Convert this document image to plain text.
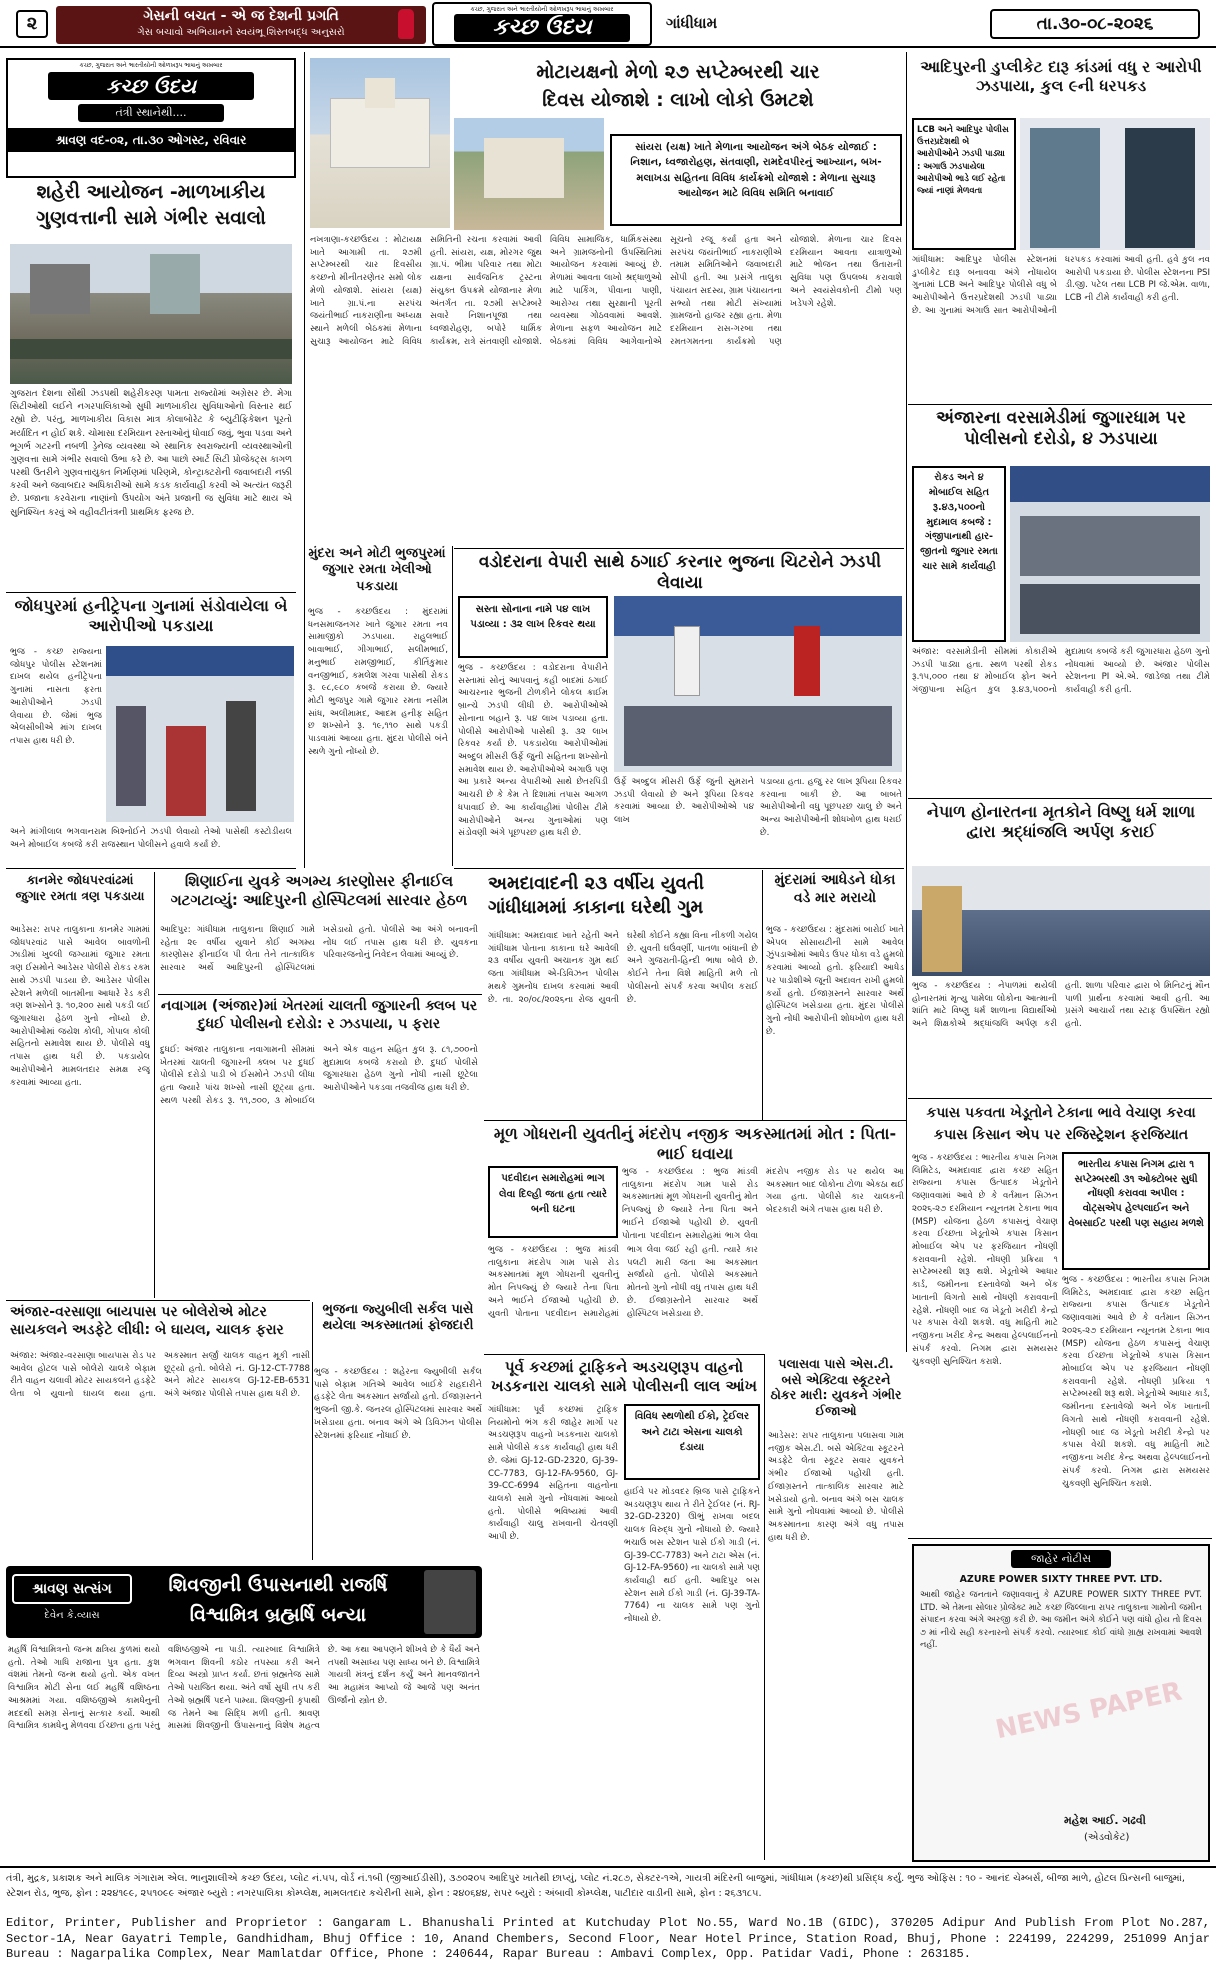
૨	ગેસની બચત - એ જ દેશની પ્રગતિ
ગેસ બચાવો અભિયાનને સ્વયંભૂ શિસ્તબદ્ધ અનુસરો
કચ્છ, ગુજરાત અને ભારતીયોની ઓળખરૂપ ભાષાનું અખબાર
કચ્છ ઉદય	ગાંધીધામ	તા.૩૦-૦૮-૨૦૨૬
કચ્છ, ગુજરાત અને ભારતીયોની ઓળખરૂપ ભાષાનું અખબાર
કચ્છ ઉદય
તંત્રી સ્થાનેથી....
શ્રાવણ વદ-૦૨, તા.૩૦ ઓગસ્ટ, રવિવાર
શહેરી આયોજન -માળખાકીય ગુણવત્તાની સામે ગંભીર સવાલો
ગુજરાત દેશના સૌથી ઝડપથી શહેરીકરણ પામતા રાજ્યોમાં અગ્રેસર છે. મેગા સિટીઓથી લઈને નગરપાલિકાઓ સુધી માળખાકીય સુવિધાઓનો વિસ્તાર થઈ રહ્યો છે. પરંતુ, માળખાકીય વિકાસ માત્ર કોલાબોરેટ કે બ્યુટીફિકેશન પૂરતો મર્યાદિત ન હોઈ શકે. ચોમાસા દરમિયાન રસ્તાઓનું ધોવાઈ જવું, ભુવા પડવા અને ભૂગર્ભ ગટરની નબળી ડ્રેનેજ વ્યવસ્થા એ સ્થાનિક સ્વરાજ્યની વ્યવસ્થાઓની ગુણવત્તા સામે ગંભીર સવાલો ઉભા કરે છે. આ પાછો સ્માર્ટ સિટી પ્રોજેક્ટ્સ કાગળ પરથી ઉતરીને ગુણવત્તાયુક્ત નિર્માણમાં પરિણમે, કોન્ટ્રાક્ટરોની જવાબદારી નક્કી કરવી અને જવાબદાર અધિકારીઓ સામે કડક કાર્યવાહી કરવી એ અત્યંત જરૂરી છે. પ્રજાના કરવેરાના નાણાંનો ઉપયોગ અંતે પ્રજાની જ સુવિધા માટે થાય એ સુનિશ્ચિત કરવું એ વહીવટીતંત્રની પ્રાથમિક ફરજ છે.
જોધપુરમાં હનીટ્રેપના ગુનામાં સંડોવાયેલા બે આરોપીઓ પકડાયા
ભુજ - કચ્છ રાજ્યના જોધપુર પોલીસ સ્ટેશનમાં દાખલ થયેલ હનીટ્રેપના ગુનામાં નાસતા ફરતા આરોપીઓને ઝડપી લેવાયા છે. જેમાં ભુજ એલસીબીએ માંગ દાખલ તપાસ હાથ ધરી છે.
અને માંગીલાલ ભગવાનરામ બિશ્નોઈને ઝડપી લેવાયો તેઓ પાસેથી કસ્ટોડીયલ અને મોબાઈલ કબજે કરી રાજસ્થાન પોલીસને હવાલે કર્યા છે.
કાનમેર જોધપરવાંઢમાં જુગાર રમતા ત્રણ પકડાયા
આડેસર: રાપર તાલુકાના કાનમેર ગામમાં જોધપરવાંઢ પાસે આવેલ બાવળોની ઝાડીમાં ખુલ્લી જગ્યામાં જુગાર રમતા ત્રણ ઈસમોને આડેસર પોલીસે રોકડ રકમ સાથે ઝડપી પાડયા છે. આડેસર પોલીસ સ્ટેશને મળેલી બાતમીના આધારે રેડ કરી ત્રણ શખ્સોને રૂ. ૧૦,૨૦૦ સાથે પકડી લઈ જુગારધારા હેઠળ ગુનો નોંધ્યો છે. આરોપીઓમાં જયેશ કોલી, ગોપાલ કોલી સહિતનો સમાવેશ થાય છે. પોલીસે વધુ તપાસ હાથ ધરી છે. પકડાયેલ આરોપીઓને મામલતદાર સમક્ષ રજૂ કરવામાં આવ્યા હતા.
શિણાઈના યુવકે અગમ્ય કારણોસર ફીનાઈલ ગટગટાવ્યું: આદિપુરની હોસ્પિટલમાં સારવાર હેઠળ
આદિપુર: ગાંધીધામ તાલુકાના શિણાઈ ગામે રહેતા ૨૯ વર્ષીય યુવાને કોઈ અગમ્ય કારણોસર ફીનાઈલ પી લેતા તેને તાત્કાલિક સારવાર અર્થે આદિપુરની હોસ્પિટલમાં ખસેડાયો હતો. પોલીસે આ અંગે બનાવની નોંધ લઈ તપાસ હાથ ધરી છે. યુવકના પરિવારજનોનું નિવેદન લેવામાં આવ્યું છે.
નવાગામ (અંજાર)માં ખેતરમાં ચાલતી જુગારની ક્લબ પર દુધઈ પોલીસનો દરોડો: ર ઝડપાયા, ૫ ફરાર
દુધઈ: અંજાર તાલુકાના નવાગામની સીમમાં ખેતરમાં ચાલતી જુગારની ક્લબ પર દુધઈ પોલીસે દરોડો પાડી બે ઈસમોને ઝડપી લીધા હતા જ્યારે પાંચ શખ્સો નાસી છૂટ્યા હતા. સ્થળ પરથી રોકડ રૂ. ૧૧,૭૦૦, ૩ મોબાઈલ અને એક વાહન સહિત કુલ રૂ. ૮૧,૭૦૦નો મુદામાલ કબજે કરાયો છે. દુધઈ પોલીસે જુગારધારા હેઠળ ગુનો નોંધી નાસી છૂટેલા આરોપીઓને પકડવા તજવીજ હાથ ધરી છે.
ભુજના જ્યુબીલી સર્કલ પાસે થયેલા અકસ્માતમાં ફોજદારી
ભુજ - કચ્છઉદય : શહેરના જ્યુબીલી સર્કલ પાસે બેફામ ગતિએ આવેલ બાઈકે રાહદારીને હડફેટે લેતા અકસ્માત સર્જાયો હતો. ઈજાગ્રસ્તને ભુજની જી.કે. જનરલ હોસ્પિટલમાં સારવાર અર્થે ખસેડાયા હતા. બનાવ અંગે એ ડિવિઝન પોલીસ સ્ટેશનમાં ફરિયાદ નોંધાઈ છે.
અંજાર-વરસાણા બાયપાસ પર બોલેરોએ મોટર સાયકલને અડફેટે લીધી: બે ઘાયલ, ચાલક ફરાર
અંજાર: અંજાર-વરસાણા બાયપાસ રોડ પર આવેલ હોટલ પાસે બોલેરો ચાલકે બેફામ રીતે વાહન ચલાવી મોટર સાયકલને હડફેટે લેતા બે યુવાનો ઘાયલ થયા હતા. અકસ્માત સર્જી ચાલક વાહન મૂકી નાસી છૂટ્યો હતો. બોલેરો નં. GJ-12-CT-7788 અને મોટર સાયકલ GJ-12-EB-6531 અંગે અંજાર પોલીસે તપાસ હાથ ધરી છે.
શ્રાવણ સત્સંગ
દેવેન કે.વ્યાસ
શિવજીની ઉપાસનાથી રાજર્ષિ વિશ્વામિત્ર બ્રહ્મર્ષિ બન્યા
મહર્ષિ વિશ્વામિત્રનો જન્મ ક્ષત્રિય કુળમાં થયો હતો. તેઓ ગાધિ રાજાના પુત્ર હતા. કુશ વંશમાં તેમનો જન્મ થયો હતો. એક વખત વિશ્વામિત્ર મોટી સેના લઈ મહર્ષિ વશિષ્ઠના આશ્રમમાં ગયા. વશિષ્ઠજીએ કામધેનુની મદદથી સમગ્ર સેનાનું સત્કાર કર્યો. આથી વિશ્વામિત્ર કામધેનુ મેળવવા ઈચ્છતા હતા પરંતુ વશિષ્ઠજીએ ના પાડી. ત્યારબાદ વિશ્વામિત્રે ભગવાન શિવની કઠોર તપસ્યા કરી અને દિવ્ય અસ્ત્રો પ્રાપ્ત કર્યા. છતાં બ્રહ્મતેજ સામે તેઓ પરાજિત થયા. અંતે વર્ષો સુધી તપ કરી તેઓ બ્રહ્મર્ષિ પદને પામ્યા. શિવજીની કૃપાથી જ તેમને આ સિદ્ધિ મળી હતી. શ્રાવણ માસમાં શિવજીની ઉપાસનાનું વિશેષ મહત્વ છે. આ કથા આપણને શીખવે છે કે ધૈર્ય અને તપથી અસાધ્ય પણ સાધ્ય બને છે. વિશ્વામિત્રે ગાયત્રી મંત્રનું દર્શન કર્યું અને માનવજાતને આ મહામંત્ર આપ્યો જે આજે પણ અનંત ઊર્જાનો સ્ત્રોત છે.
મોટાયક્ષનો મેળો ૨૭ સપ્ટેમ્બરથી ચાર
દિવસ યોજાશે : લાખો લોકો ઉમટશે
સાંયરા (યક્ષ) ખાતે મેળાના આયોજન અંગે બેઠક યોજાઈ : નિશાન, ધ્વજારોહણ, સંતવાણી, રામદેવપીરનું આખ્યાન, બખ-મલાખડા સહિતના વિવિધ કાર્યક્રમો યોજાશે : મેળાના સુચારૂ આયોજન માટે વિવિધ સમિતિ બનાવાઈ
નખત્રાણા-કચ્છઉદય : મોટાયક્ષ ખાતે આગામી તા. ૨૭મી સપ્ટેમ્બરથી ચાર દિવસીય કચ્છનો મીનીતરણેતર સમો લોક મેળો યોજાશે. સાંયરા (યક્ષ) ખાતે ગ્રા.પં.ના સરપંચ જયંતીભાઈ નાકરાણીના અધ્યક્ષ સ્થાને મળેલી બેઠકમાં મેળાના સુચારૂ આયોજન માટે વિવિધ સમિતિની રચના કરવામાં આવી હતી. સાંયરા, યક્ષ, મોરગર જુથ ગ્રા.પં. ભીમા પરિવાર તથા મોટા યક્ષના સાર્વજનિક ટ્રસ્ટના સંયુક્ત ઉપક્રમે યોજાનાર મેળા અંતર્ગત તા. ૨૭મી સપ્ટેમ્બરે સવારે નિશાનપૂજા તથા ધ્વજારોહણ, બપોરે ધાર્મિક કાર્યક્રમ, રાત્રે સંતવાણી યોજાશે. વિવિધ સામાજિક, ધાર્મિકસંસ્થા અને ગ્રામજનોની ઉપસ્થિતિમાં આયોજન કરવામાં આવ્યું છે. મેળામાં આવતા લાખો શ્રદ્ધાળુઓ માટે પાર્કિંગ, પીવાના પાણી, આરોગ્ય તથા સુરક્ષાની પૂરતી વ્યવસ્થા ગોઠવવામાં આવશે. મેળાના સફળ આયોજન માટે બેઠકમાં વિવિધ આગેવાનોએ સૂચનો રજૂ કર્યા હતા અને સરપંચ જયંતીભાઈ નાકરાણીએ તમામ સમિતિઓને જવાબદારી સોંપી હતી. આ પ્રસંગે તાલુકા પંચાયત સદસ્ય, ગ્રામ પંચાયતના સભ્યો તથા મોટી સંખ્યામાં ગ્રામજનો હાજર રહ્યા હતા. મેળા દરમિયાન રાસ-ગરબા તથા રમતગમતના કાર્યક્રમો પણ યોજાશે. મેળાના ચાર દિવસ દરમિયાન આવતા યાત્રાળુઓ માટે ભોજન તથા ઉતારાની સુવિધા પણ ઉપલબ્ધ કરાવાશે અને સ્વયંસેવકોની ટીમો પણ ખડેપગે રહેશે.
મુંદરા અને મોટી ભુજપુરમાં જુગાર રમતા ખેલીઓ પકડાયા
ભુજ - કચ્છઉદય : મુંદરામાં ધનસમાજનગર ખાતે જુગાર રમતા નવ સામાજીકો ઝડપાયા. રાહુલભાઈ બાવાભાઈ, ગીગાભાઈ, સલીમભાઈ, મનુભાઈ રામજીભાઈ, કીર્તિકુમાર વનજીભાઈ, કમલેશ ગરવા પાસેથી રોકડ રૂ. ૯૮,૯૮૦ કબજે કરાયા છે. જ્યારે મોટી ભુજપુર ગામે જુગાર રમતા નસીમ સાંધ, અલીમામદ, આદમ હનીફ સહિત છ શખ્સોને રૂ. ૧૯,૧૧૦ સાથે પકડી પાડવામાં આવ્યા હતા. મુંદરા પોલીસે બંને સ્થળે ગુનો નોંધ્યો છે.
વડોદરાના વેપારી સાથે ઠગાઈ કરનાર ભુજના ચિટરોને ઝડપી લેવાયા
સસ્તા સોનાના નામે ૫૪ લાખ પડાવ્યા : ૩૨ લાખ રિકવર થયા
ભુજ - કચ્છઉદય : વડોદરાના વેપારીને સસ્તામાં સોનું આપવાનું કહી બાદમાં ઠગાઈ આચરનાર ભુજની ટોળકીને લોકલ ક્રાઈમ બ્રાન્ચે ઝડપી લીધી છે. આરોપીઓએ સોનાના બહાને રૂ. ૫૪ લાખ પડાવ્યા હતા. પોલીસે આરોપીઓ પાસેથી રૂ. ૩૨ લાખ રિકવર કર્યા છે. પકડાયેલા આરોપીઓમાં અબ્દુલ મીસરી ઉર્ફે જુની સહિતના શખ્સોનો સમાવેશ થાય છે. આરોપીઓએ અગાઉ પણ આ પ્રકારે અન્ય વેપારીઓ સાથે છેતરપિંડી આચરી છે કે કેમ તે દિશામાં તપાસ આગળ ધપાવાઈ છે. આ કાર્યવાહીમાં પોલીસ ટીમે આરોપીઓને અન્ય ગુનાઓમાં પણ સંડોવણી અંગે પૂછપરછ હાથ ધરી છે.
ઉર્ફે અબ્દુલ મીસરી ઉર્ફે જુની સુમરાને ઝડપી લેવાયો છે અને રૂપિયા રિકવર કરવામાં આવ્યા છે. આરોપીઓએ ૫૪ લાખ
પડાવ્યા હતા. હજુ રર લાખ રૂપિયા રિકવર કરવાના બાકી છે. આ બાબતે આરોપીઓની વધુ પૂછપરછ ચાલુ છે અને અન્ય આરોપીઓની શોધખોળ હાથ ધરાઈ છે.
અમદાવાદની ૨૩ વર્ષીય યુવતી ગાંધીધામમાં કાકાના ઘરેથી ગુમ
ગાંધીધામ: અમદાવાદ ખાતે રહેતી અને ગાંધીધામ પોતાના કાકાના ઘરે આવેલી ૨૩ વર્ષીય યુવતી અચાનક ગુમ થઈ જતા ગાંધીધામ એ-ડિવિઝન પોલીસ મથકે ગુમનોંધ દાખલ કરવામાં આવી છે. તા. ૨૦/૦૮/૨૦૨૬ના રોજ યુવતી ઘરેથી કોઈને કહ્યા વિના નીકળી ગયેલ છે. યુવતી ઘઉંવર્ણી, પાતળા બાંધાની છે અને ગુજરાતી-હિન્દી ભાષા બોલે છે. કોઈને તેના વિશે માહિતી મળે તો પોલીસનો સંપર્ક કરવા અપીલ કરાઈ છે.
મુંદરામાં આધેડને ધોકા વડે માર મરાયો
ભુજ - કચ્છઉદય : મુંદરામાં બારોઈ ખાતે એપલ સોસાયટીની સામે આવેલ ઝુંપડાઓમાં આધેડ ઉપર ધોકા વડે હુમલો કરવામાં આવ્યો હતો. ફરિયાદી આધેડ પર પાડોશીએ જૂની અદાવત રાખી હુમલો કર્યો હતો. ઈજાગ્રસ્તને સારવાર અર્થે હોસ્પિટલ ખસેડાયા હતા. મુંદરા પોલીસે ગુનો નોંધી આરોપીની શોધખોળ હાથ ધરી છે.
મૂળ ગોધરાની યુવતીનું મંદરોપ નજીક અકસ્માતમાં મોત : પિતા-ભાઈ ઘવાયા
પદવીદાન સમારોહમાં ભાગ લેવા દિલ્હી જતા હતા ત્યારે બની ઘટના
ભુજ - કચ્છઉદય : ભુજ માંડવી તાલુકાના મંદરોપ ગામ પાસે રોડ અકસ્માતમાં મૂળ ગોધરાની યુવતીનું મોત નિપજ્યું છે જ્યારે તેના પિતા અને ભાઈને ઈજાઓ પહોંચી છે. યુવતી પોતાના પદવીદાન સમારોહમાં ભાગ લેવા જઈ રહી હતી. ત્યારે કાર પલટી મારી જતા આ અકસ્માત સર્જાયો હતો. પોલીસે અકસ્માતે મોતનો ગુનો નોંધી વધુ તપાસ હાથ ધરી છે. ઈજાગ્રસ્તોને સારવાર અર્થે હોસ્પિટલ ખસેડાયા છે.
ભુજ - કચ્છઉદય : ભુજ માંડવી તાલુકાના મંદરોપ ગામ પાસે રોડ અકસ્માતમાં મૂળ ગોધરાની યુવતીનું મોત નિપજ્યું છે જ્યારે તેના પિતા અને ભાઈને ઈજાઓ પહોંચી છે. યુવતી પોતાના પદવીદાન સમારોહમાં ભાગ લેવા
મંદરોપ નજીક રોડ પર થયેલ આ અકસ્માત બાદ લોકોના ટોળા એકઠા થઈ ગયા હતા. પોલીસે કાર ચાલકની બેદરકારી અંગે તપાસ હાથ ધરી છે.
પૂર્વ કચ્છમાં ટ્રાફિકને અડચણરૂપ વાહનો ખડકનારા ચાલકો સામે પોલીસની લાલ આંખ
ગાંધીધામ: પૂર્વ કચ્છમાં ટ્રાફિક નિયમોનો ભંગ કરી જાહેર માર્ગો પર અડચણરૂપ વાહનો ખડકનારા ચાલકો સામે પોલીસે કડક કાર્યવાહી હાથ ધરી છે. જેમાં GJ-12-GD-2320, GJ-39-CC-7783, GJ-12-FA-9560, GJ-39-CC-6994 સહિતના વાહનોના ચાલકો સામે ગુનો નોંધવામાં આવ્યો હતો. પોલીસે ભવિષ્યમાં આવી કાર્યવાહી ચાલુ રાખવાની ચેતવણી આપી છે.
વિવિધ સ્થળોથી ઈકો, ટ્રેઈલર અને ટાટા એસના ચાલકો દંડાયા
હાઈવે પર મોડવદર બ્રિજ પાસે ટ્રાફિકને અડચણરૂપ થાય તે રીતે ટ્રેઈલર (નં. RJ-32-GD-2320) ઊભું રાખવા બદલ ચાલક વિરુદ્ધ ગુનો નોંધાયો છે. જ્યારે ભચાઉ બસ સ્ટેશન પાસે ઈકો ગાડી (નં. GJ-39-CC-7783) અને ટાટા એસ (નં. GJ-12-FA-9560) ના ચાલકો સામે પણ કાર્યવાહી થઈ હતી. આદિપુર બસ સ્ટેશન સામે ઈકો ગાડી (નં. GJ-39-TA-7764) ના ચાલક સામે પણ ગુનો નોંધાયો છે.
પલાસવા પાસે એસ.ટી. બસે એક્ટિવા સ્કૂટરને ઠોકર મારી: યુવકને ગંભીર ઈજાઓ
આડેસર: રાપર તાલુકાના પલાસવા ગામ નજીક એસ.ટી. બસે એક્ટિવા સ્કૂટરને અડફેટે લેતા સ્કૂટર સવાર યુવકને ગંભીર ઈજાઓ પહોંચી હતી. ઈજાગ્રસ્તને તાત્કાલિક સારવાર માટે ખસેડાયો હતો. બનાવ અંગે બસ ચાલક સામે ગુનો નોંધવામાં આવ્યો છે. પોલીસે અકસ્માતના કારણ અંગે વધુ તપાસ હાથ ધરી છે.
આદિપુરની ડુપ્લીકેટ દારૂ કાંડમાં વધુ ર આરોપી ઝડપાયા, કુલ ૯ની ધરપકડ
LCB અને આદિપુર પોલીસ ઉત્તરપ્રદેશથી બે આરોપીઓને ઝડપી પાડ્યા : અગાઉ ઝડપાયેલા આરોપીઓ ભાડે લઈ રહેતા જ્યાં નાણાં મેળવતા
ગાંધીધામ: આદિપુર પોલીસ સ્ટેશનમાં ડુપ્લીકેટ દારૂ બનાવવા અંગે નોંધાયેલ ગુનામાં LCB અને આદિપુર પોલીસે વધુ બે આરોપીઓને ઉત્તરપ્રદેશથી ઝડપી પાડ્યા છે. આ ગુનામાં અગાઉ સાત આરોપીઓની ધરપકડ કરવામાં આવી હતી. હવે કુલ નવ આરોપી પકડાયા છે. પોલીસ સ્ટેશનના PSI ડી.જી. પટેલ તથા LCB PI જે.એમ. વાળા, LCB ની ટીમે કાર્યવાહી કરી હતી.
અંજારના વરસામેડીમાં જુગારધામ પર પોલીસનો દરોડો, ૪ ઝડપાયા
રોકડ અને ૪ મોબાઈલ સહિત રૂ.૪૩,૫૦૦નો મુદામાલ કબજે : ગંજીપાનાથી હાર-જીતનો જુગાર રમતા ચાર સામે કાર્યવાહી
અંજાર: વરસામેડીની સીમમાં કોકારીએ ઝડપી પાડ્યા હતા. સ્થળ પરથી રોકડ રૂ.૧૫,૦૦૦ તથા ૪ મોબાઈલ ફોન અને ગંજીપાના સહિત કુલ રૂ.૪૩,૫૦૦નો મુદામાલ કબજે કરી જુગારધારા હેઠળ ગુનો નોંધવામાં આવ્યો છે. અંજાર પોલીસ સ્ટેશનના PI એ.એ. જાડેજા તથા ટીમે કાર્યવાહી કરી હતી.
નેપાળ હોનારતના મૃતકોને વિષ્ણુ ધર્મ શાળા દ્વારા શ્રદ્ધાંજલિ અર્પણ કરાઈ
ભુજ - કચ્છઉદય : નેપાળમાં થયેલી હોનારતમાં મૃત્યુ પામેલા લોકોના આત્માની શાંતિ માટે વિષ્ણુ ધર્મ શાળાના વિદ્યાર્થીઓ અને શિક્ષકોએ શ્રદ્ધાંજલિ અર્પણ કરી હતી. શાળા પરિવાર દ્વારા બે મિનિટનું મૌન પાળી પ્રાર્થના કરવામાં આવી હતી. આ પ્રસંગે આચાર્ય તથા સ્ટાફ ઉપસ્થિત રહ્યો હતો.
કપાસ પકવતા ખેડૂતોને ટેકાના ભાવે વેચાણ કરવા
કપાસ કિસાન એપ પર રજિસ્ટ્રેશન ફરજિયાત
ભુજ - કચ્છઉદય : ભારતીય કપાસ નિગમ લિમિટેડ, અમદાવાદ દ્વારા કચ્છ સહિત રાજ્યના કપાસ ઉત્પાદક ખેડૂતોને જણાવવામાં આવે છે કે વર્તમાન સિઝન ૨૦૨૬-૨૭ દરમિયાન ન્યૂનતમ ટેકાના ભાવ (MSP) યોજના હેઠળ કપાસનું વેચાણ કરવા ઈચ્છતા ખેડૂતોએ કપાસ કિસાન મોબાઈલ એપ પર ફરજિયાત નોંધણી કરાવવાની રહેશે. નોંધણી પ્રક્રિયા ૧ સપ્ટેમ્બરથી શરૂ થશે. ખેડૂતોએ આધાર કાર્ડ, જમીનના દસ્તાવેજો અને બેંક ખાતાની વિગતો સાથે નોંધણી કરાવવાની રહેશે. નોંધણી બાદ જ ખેડૂતો ખરીદી કેન્દ્રો પર કપાસ વેચી શકશે. વધુ માહિતી માટે નજીકના ખરીદ કેન્દ્ર અથવા હેલ્પલાઈનનો સંપર્ક કરવો. નિગમ દ્વારા સમયસર ચુકવણી સુનિશ્ચિત કરાશે.
ભારતીય કપાસ નિગમ દ્વારા ૧ સપ્ટેમ્બરથી ૩૧ ઓક્ટોબર સુધી નોંધણી કરાવવા અપીલ : વોટ્સએપ હેલ્પલાઈન અને વેબસાઈટ પરથી પણ સહાય મળશે
ભુજ - કચ્છઉદય : ભારતીય કપાસ નિગમ લિમિટેડ, અમદાવાદ દ્વારા કચ્છ સહિત રાજ્યના કપાસ ઉત્પાદક ખેડૂતોને જણાવવામાં આવે છે કે વર્તમાન સિઝન ૨૦૨૬-૨૭ દરમિયાન ન્યૂનતમ ટેકાના ભાવ (MSP) યોજના હેઠળ કપાસનું વેચાણ કરવા ઈચ્છતા ખેડૂતોએ કપાસ કિસાન મોબાઈલ એપ પર ફરજિયાત નોંધણી કરાવવાની રહેશે. નોંધણી પ્રક્રિયા ૧ સપ્ટેમ્બરથી શરૂ થશે. ખેડૂતોએ આધાર કાર્ડ, જમીનના દસ્તાવેજો અને બેંક ખાતાની વિગતો સાથે નોંધણી કરાવવાની રહેશે. નોંધણી બાદ જ ખેડૂતો ખરીદી કેન્દ્રો પર કપાસ વેચી શકશે. વધુ માહિતી માટે નજીકના ખરીદ કેન્દ્ર અથવા હેલ્પલાઈનનો સંપર્ક કરવો. નિગમ દ્વારા સમયસર ચુકવણી સુનિશ્ચિત કરાશે.
જાહેર નોટીસ
AZURE POWER SIXTY THREE PVT. LTD.
આથી જાહેર જનતાને જણાવવાનું કે AZURE POWER SIXTY THREE PVT. LTD. એ તેમના સોલાર પ્રોજેક્ટ માટે કચ્છ જિલ્લાના રાપર તાલુકાના ગામોની જમીન સંપાદન કરવા અંગે અરજી કરી છે. આ જમીન અંગે કોઈને પણ વાંધો હોય તો દિવસ ૭ માં નીચે સહી કરનારનો સંપર્ક કરવો. ત્યારબાદ કોઈ વાંધો ગ્રાહ્ય રાખવામાં આવશે નહીં.
NEWS PAPER
મહેશ આઈ. ગઢવી
(એડવોકેટ)
તંત્રી, મુદ્રક, પ્રકાશક અને માલિક ગંગારામ એલ. ભાનુશાલીએ કચ્છ ઉદય, પ્લોટ નં.૫૫, વોર્ડ નં.૧બી (જીઆઈડીસી), ૩૭૦૨૦૫ આદિપુર ખાતેથી છાપ્યું, પ્લોટ નં.૨૮૭, સેક્ટર-૧એ, ગાયત્રી મંદિરની બાજુમાં, ગાંધીધામ (કચ્છ)થી પ્રસિદ્ધ કર્યું. ભુજ ઓફિસ : ૧૦ - આનંદ ચેમ્બર્સ, બીજા માળે, હોટલ પ્રિન્સની બાજુમાં, સ્ટેશન રોડ, ભુજ, ફોન : ૨૨૪૧૯૯, ૨૫૧૦૯૯ અંજાર બ્યુરો : નગરપાલિકા કોમ્પ્લેક્ષ, મામલતદાર કચેરીની સામે, ફોન : ૨૪૦૬૪૪, રાપર બ્યુરો : અંબાવી કોમ્પ્લેક્ષ, પાટીદાર વાડીની સામે, ફોન : ૨૬૩૧૮૫.
Editor, Printer, Publisher and Proprietor : Gangaram L. Bhanushali Printed at Kutchuday Plot No.55, Ward No.1B (GIDC), 370205 Adipur And Publish From Plot No.287, Sector-1A, Near Gayatri Temple, Gandhidham, Bhuj Office : 10, Anand Chembers, Second Floor, Near Hotel Prince, Station Road, Bhuj, Phone : 224199, 224299, 251099 Anjar Bureau : Nagarpalika Complex, Near Mamlatdar Office, Phone : 240644, Rapar Bureau : Ambavi Complex, Opp. Patidar Vadi, Phone : 263185.
